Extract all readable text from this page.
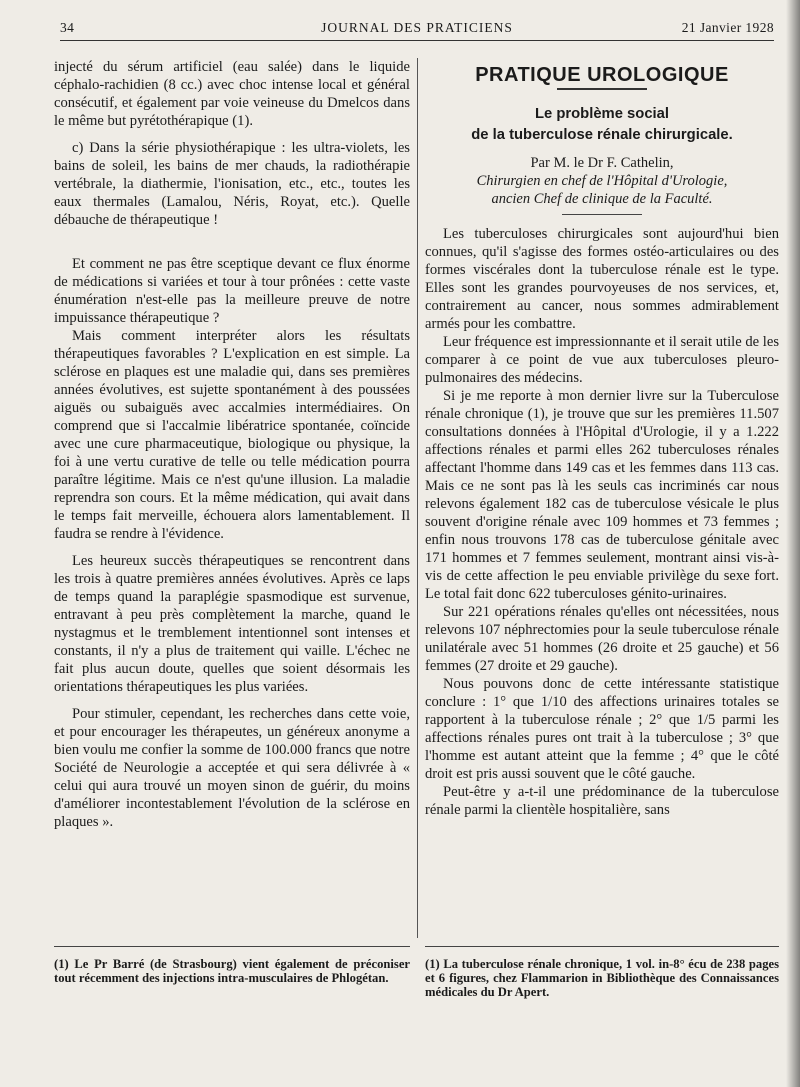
34	JOURNAL DES PRATICIENS	21 Janvier 1928

injecté du sérum artificiel (eau salée) dans le liquide céphalo-rachidien (8 cc.) avec choc intense local et général consécutif, et également par voie veineuse du Dmelcos dans le même but pyrétothérapique (1).

c) Dans la série physiothérapique : les ultra-violets, les bains de soleil, les bains de mer chauds, la radiothérapie vertébrale, la diathermie, l'ionisation, etc., etc., toutes les eaux thermales (Lamalou, Néris, Royat, etc.). Quelle débauche de thérapeutique !

Et comment ne pas être sceptique devant ce flux énorme de médications si variées et tour à tour prônées : cette vaste énumération n'est-elle pas la meilleure preuve de notre impuissance thérapeutique ?

Mais comment interpréter alors les résultats thérapeutiques favorables ? L'explication en est simple. La sclérose en plaques est une maladie qui, dans ses premières années évolutives, est sujette spontanément à des poussées aiguës ou subaiguës avec accalmies intermédiaires. On comprend que si l'accalmie libératrice spontanée, coïncide avec une cure pharmaceutique, biologique ou physique, la foi à une vertu curative de telle ou telle médication pourra paraître légitime. Mais ce n'est qu'une illusion. La maladie reprendra son cours. Et la même médication, qui avait dans le temps fait merveille, échouera alors lamentablement. Il faudra se rendre à l'évidence.

Les heureux succès thérapeutiques se rencontrent dans les trois à quatre premières années évolutives. Après ce laps de temps quand la paraplégie spasmodique est survenue, entravant à peu près complètement la marche, quand le nystagmus et le tremblement intentionnel sont intenses et constants, il n'y a plus de traitement qui vaille. L'échec ne fait plus aucun doute, quelles que soient désormais les orientations thérapeutiques les plus variées.

Pour stimuler, cependant, les recherches dans cette voie, et pour encourager les thérapeutes, un généreux anonyme a bien voulu me confier la somme de 100.000 francs que notre Société de Neurologie a acceptée et qui sera délivrée à « celui qui aura trouvé un moyen sinon de guérir, du moins d'améliorer incontestablement l'évolution de la sclérose en plaques ».

PRATIQUE UROLOGIQUE
Le problème social
de la tuberculose rénale chirurgicale.
Par M. le Dr F. Cathelin,
Chirurgien en chef de l'Hôpital d'Urologie,
ancien Chef de clinique de la Faculté.

Les tuberculoses chirurgicales sont aujourd'hui bien connues, qu'il s'agisse des formes ostéo-articulaires ou des formes viscérales dont la tuberculose rénale est le type. Elles sont les grandes pourvoyeuses de nos services, et, contrairement au cancer, nous sommes admirablement armés pour les combattre.

Leur fréquence est impressionnante et il serait utile de les comparer à ce point de vue aux tuberculoses pleuro-pulmonaires des médecins.

Si je me reporte à mon dernier livre sur la Tuberculose rénale chronique (1), je trouve que sur les premières 11.507 consultations données à l'Hôpital d'Urologie, il y a 1.222 affections rénales et parmi elles 262 tuberculoses rénales affectant l'homme dans 149 cas et les femmes dans 113 cas. Mais ce ne sont pas là les seuls cas incriminés car nous relevons également 182 cas de tuberculose vésicale le plus souvent d'origine rénale avec 109 hommes et 73 femmes ; enfin nous trouvons 178 cas de tuberculose génitale avec 171 hommes et 7 femmes seulement, montrant ainsi vis-à-vis de cette affection le peu enviable privilège du sexe fort. Le total fait donc 622 tuberculoses génito-urinaires.

Sur 221 opérations rénales qu'elles ont nécessitées, nous relevons 107 néphrectomies pour la seule tuberculose rénale unilatérale avec 51 hommes (26 droite et 25 gauche) et 56 femmes (27 droite et 29 gauche).

Nous pouvons donc de cette intéressante statistique conclure : 1° que 1/10 des affections urinaires totales se rapportent à la tuberculose rénale ; 2° que 1/5 parmi les affections rénales pures ont trait à la tuberculose ; 3° que l'homme est autant atteint que la femme ; 4° que le côté droit est pris aussi souvent que le côté gauche.

Peut-être y a-t-il une prédominance de la tuberculose rénale parmi la clientèle hospitalière, sans

(1) Le Pr Barré (de Strasbourg) vient également de préconiser tout récemment des injections intra-musculaires de Phlogétan.
(1) La tuberculose rénale chronique, 1 vol. in-8° écu de 238 pages et 6 figures, chez Flammarion in Bibliothèque des Connaissances médicales du Dr Apert.
